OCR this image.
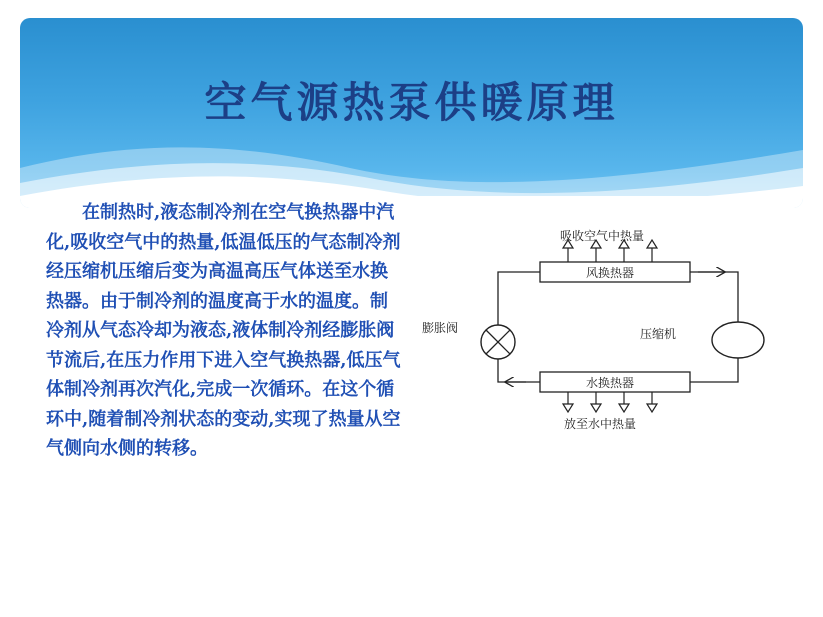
空气源热泵供暖原理

在制热时,液态制冷剂在空气换热器中汽化,吸收空气中的热量,低温低压的气态制冷剂经压缩机压缩后变为高温高压气体送至水换热器。由于制冷剂的温度高于水的温度。制冷剂从气态冷却为液态,液体制冷剂经膨胀阀节流后,在压力作用下进入空气换热器,低压气体制冷剂再次汽化,完成一次循环。在这个循环中,随着制冷剂状态的变动,实现了热量从空气侧向水侧的转移。

吸收空气中热量
风换热器
水换热器
膨胀阀	压缩机
放至水中热量
